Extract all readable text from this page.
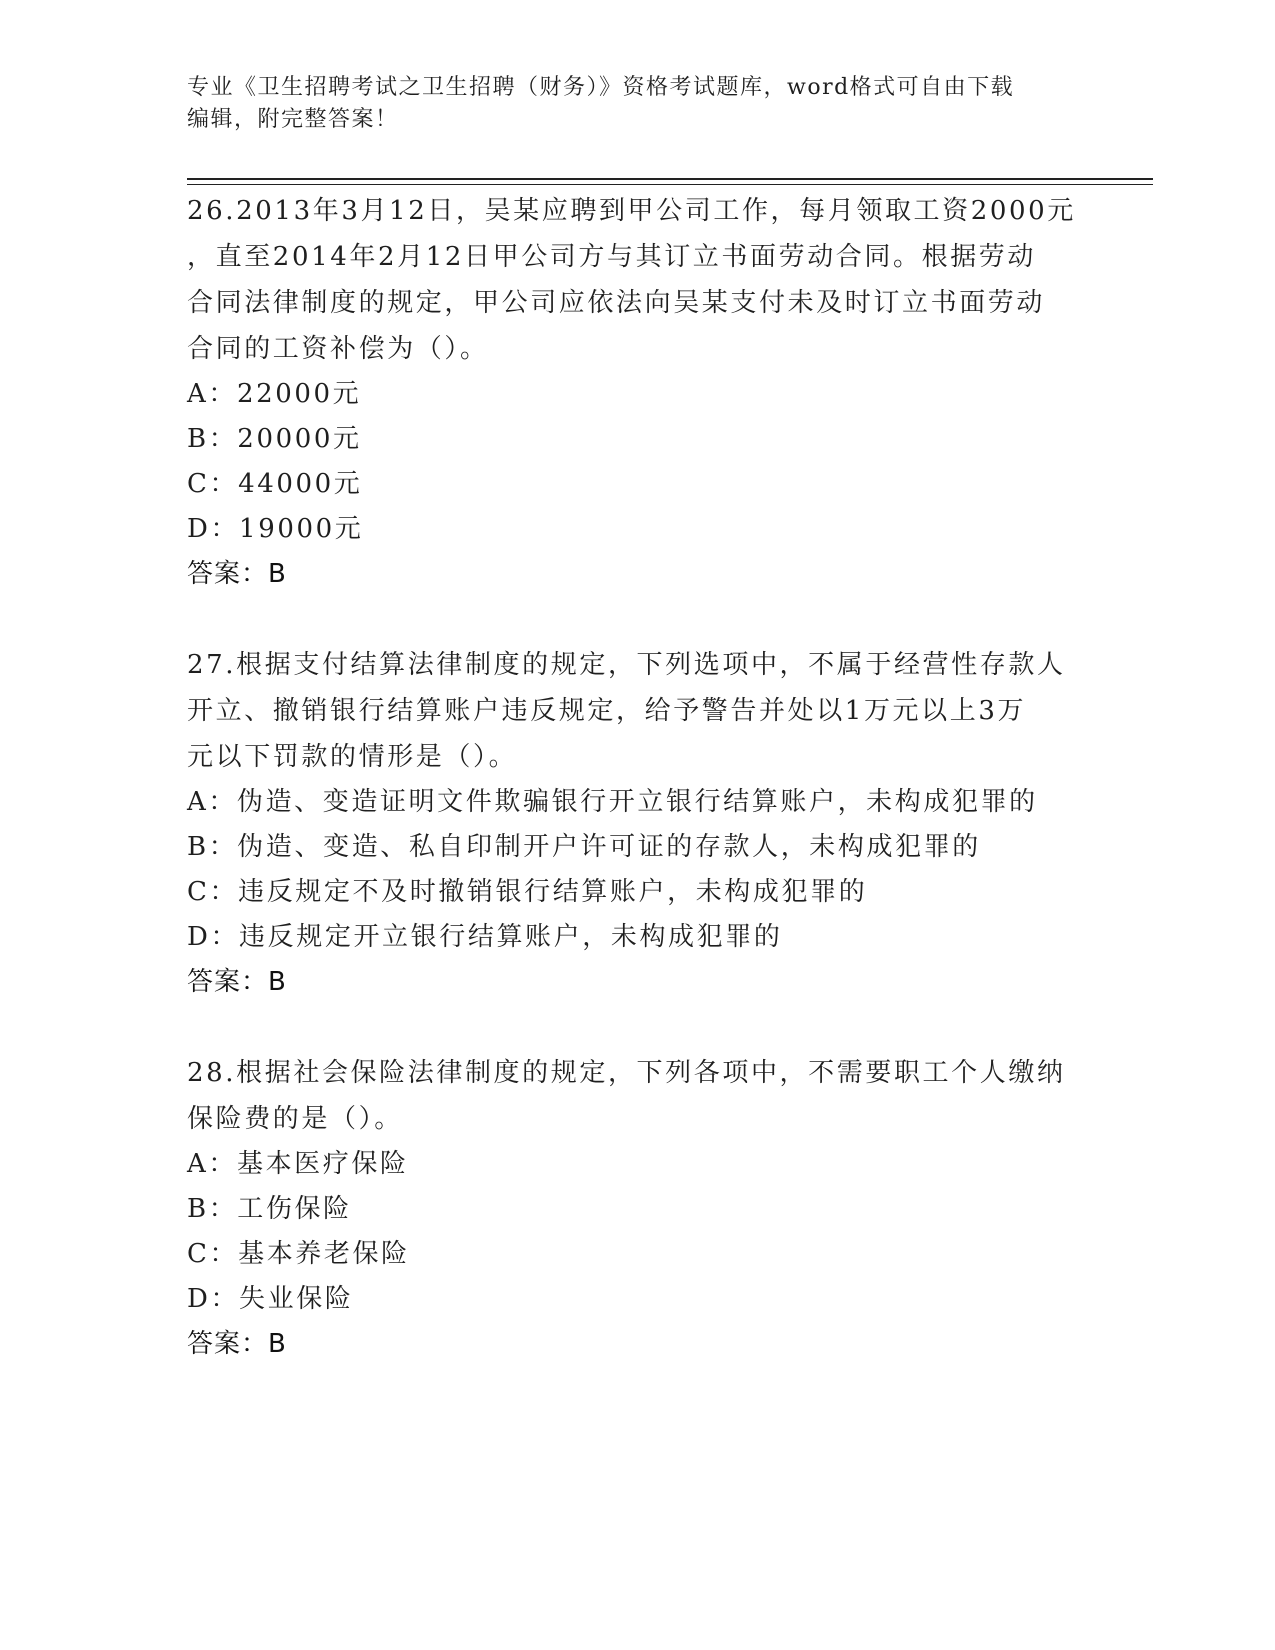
专业《卫生招聘考试之卫生招聘（财务）》资格考试题库，word格式可自由下载
编辑，附完整答案！

26.2013年3月12日，吴某应聘到甲公司工作，每月领取工资2000元

，直至2014年2月12日甲公司方与其订立书面劳动合同。根据劳动

合同法律制度的规定，甲公司应依法向吴某支付未及时订立书面劳动

合同的工资补偿为（）。

A：22000元

B：20000元

C：44000元

D：19000元

答案：B

27.根据支付结算法律制度的规定，下列选项中，不属于经营性存款人

开立、撤销银行结算账户违反规定，给予警告并处以1万元以上3万

元以下罚款的情形是（）。

A：伪造、变造证明文件欺骗银行开立银行结算账户，未构成犯罪的

B：伪造、变造、私自印制开户许可证的存款人，未构成犯罪的

C：违反规定不及时撤销银行结算账户，未构成犯罪的

D：违反规定开立银行结算账户，未构成犯罪的

答案：B

28.根据社会保险法律制度的规定，下列各项中，不需要职工个人缴纳

保险费的是（）。

A：基本医疗保险

B：工伤保险

C：基本养老保险

D：失业保险

答案：B
